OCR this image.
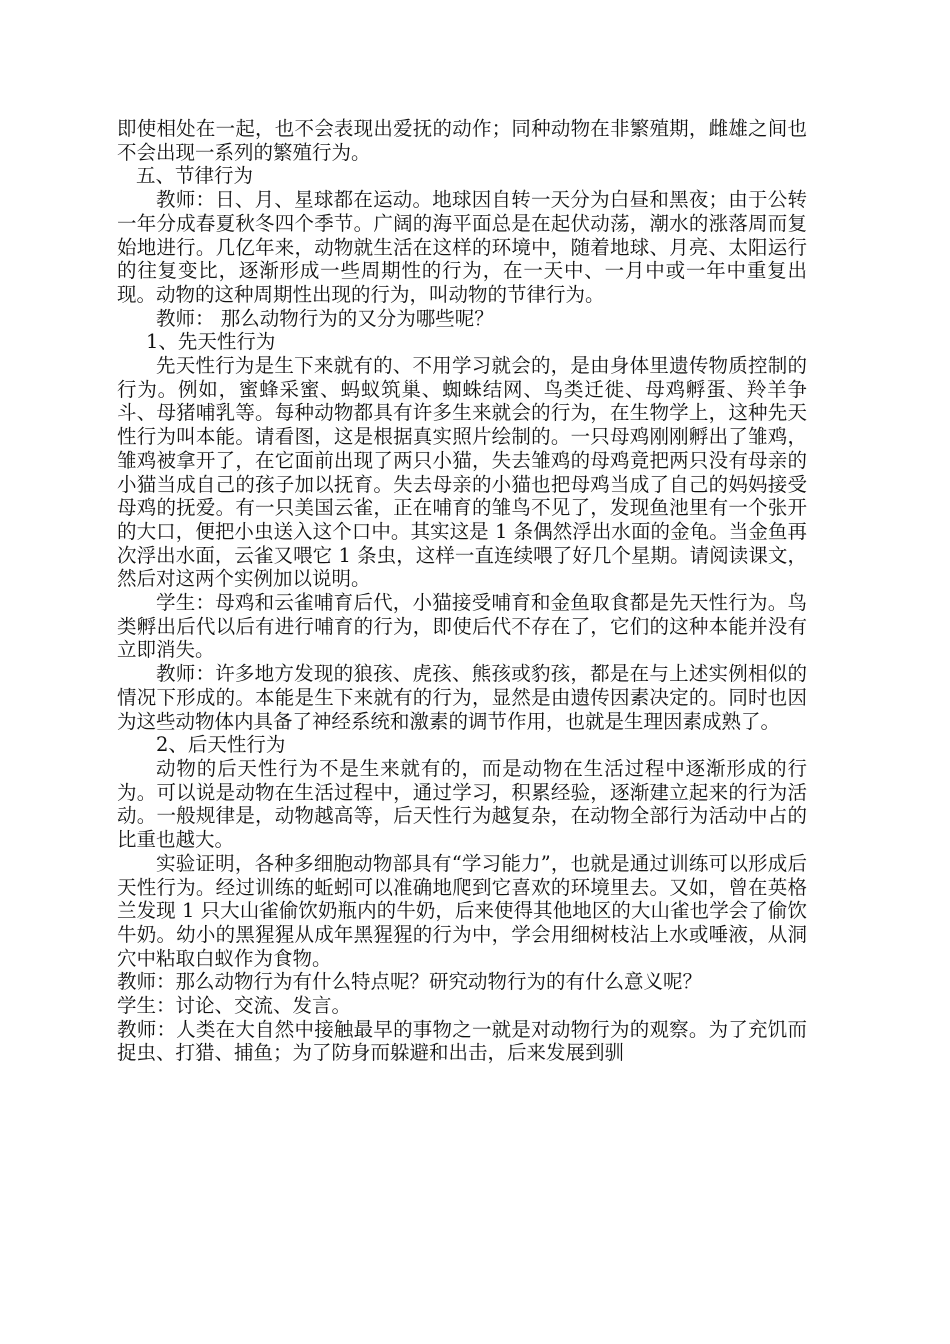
即使相处在一起，也不会表现出爱抚的动作；同种动物在非繁殖期，雌雄之间也不会出现一系列的繁殖行为。

五、节律行为

教师：日、月、星球都在运动。地球因自转一天分为白昼和黑夜；由于公转一年分成春夏秋冬四个季节。广阔的海平面总是在起伏动荡，潮水的涨落周而复始地进行。几亿年来，动物就生活在这样的环境中，随着地球、月亮、太阳运行的往复变比，逐渐形成一些周期性的行为，在一天中、一月中或一年中重复出现。动物的这种周期性出现的行为，叫动物的节律行为。

教师： 那么动物行为的又分为哪些呢？

1、先天性行为

先天性行为是生下来就有的、不用学习就会的，是由身体里遗传物质控制的行为。例如，蜜蜂采蜜、蚂蚁筑巢、蜘蛛结网、鸟类迁徙、母鸡孵蛋、羚羊争斗、母猪哺乳等。每种动物都具有许多生来就会的行为，在生物学上，这种先天性行为叫本能。请看图，这是根据真实照片绘制的。一只母鸡刚刚孵出了雏鸡，雏鸡被拿开了，在它面前出现了两只小猫，失去雏鸡的母鸡竟把两只没有母亲的小猫当成自己的孩子加以抚育。失去母亲的小猫也把母鸡当成了自己的妈妈接受母鸡的抚爱。有一只美国云雀，正在哺育的雏鸟不见了，发现鱼池里有一个张开的大口，便把小虫送入这个口中。其实这是 1 条偶然浮出水面的金龟。当金鱼再次浮出水面，云雀又喂它 1 条虫，这样一直连续喂了好几个星期。请阅读课文，然后对这两个实例加以说明。

学生：母鸡和云雀哺育后代，小猫接受哺育和金鱼取食都是先天性行为。鸟类孵出后代以后有进行哺育的行为，即使后代不存在了，它们的这种本能并没有立即消失。

教师：许多地方发现的狼孩、虎孩、熊孩或豹孩，都是在与上述实例相似的情况下形成的。本能是生下来就有的行为，显然是由遗传因素决定的。同时也因为这些动物体内具备了神经系统和激素的调节作用，也就是生理因素成熟了。

2、后天性行为

动物的后天性行为不是生来就有的，而是动物在生活过程中逐渐形成的行为。可以说是动物在生活过程中，通过学习，积累经验，逐渐建立起来的行为活动。一般规律是，动物越高等，后天性行为越复杂，在动物全部行为活动中占的比重也越大。

实验证明，各种多细胞动物部具有“学习能力”，也就是通过训练可以形成后天性行为。经过训练的蚯蚓可以准确地爬到它喜欢的环境里去。又如，曾在英格兰发现 1 只大山雀偷饮奶瓶内的牛奶，后来使得其他地区的大山雀也学会了偷饮牛奶。幼小的黑猩猩从成年黑猩猩的行为中，学会用细树枝沾上水或唾液，从洞穴中粘取白蚁作为食物。

教师：那么动物行为有什么特点呢？研究动物行为的有什么意义呢？

学生：讨论、交流、发言。

教师：人类在大自然中接触最早的事物之一就是对动物行为的观察。为了充饥而捉虫、打猎、捕鱼；为了防身而躲避和出击，后来发展到驯
